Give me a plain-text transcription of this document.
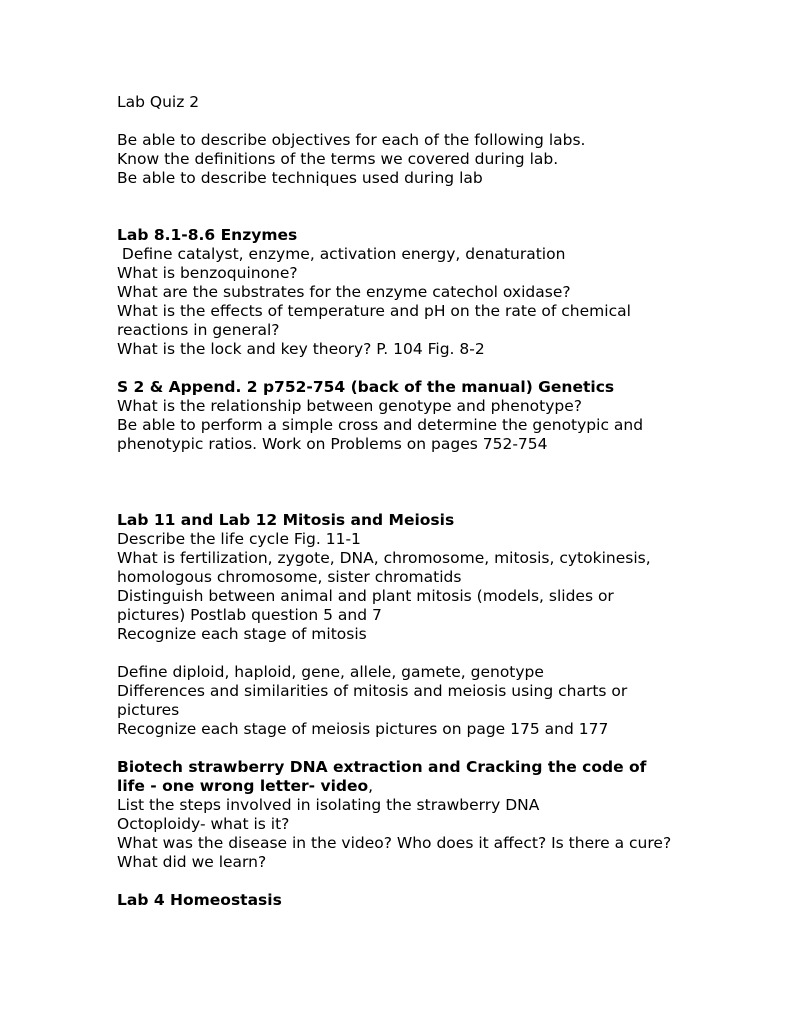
Lab Quiz 2

Be able to describe objectives for each of the following labs.

Know the definitions of the terms we covered during lab.

Be able to describe techniques used during lab

Lab 8.1-8.6 Enzymes

Define catalyst, enzyme, activation energy, denaturation

What is benzoquinone?

What are the substrates for the enzyme catechol oxidase?

What is the effects of temperature and pH on the rate of chemical reactions in general?

What is the lock and key theory? P. 104 Fig. 8-2

S 2 & Append. 2 p752-754 (back of the manual) Genetics

What is the relationship between genotype and phenotype?

Be able to perform a simple cross and determine the genotypic and phenotypic ratios. Work on Problems on pages 752-754

Lab 11 and Lab 12 Mitosis and Meiosis

Describe the life cycle Fig. 11-1

What is fertilization, zygote, DNA, chromosome, mitosis, cytokinesis, homologous chromosome, sister chromatids

Distinguish between animal and plant mitosis (models, slides or pictures) Postlab question 5 and 7

Recognize each stage of mitosis

Define diploid, haploid, gene, allele, gamete, genotype

Differences and similarities of mitosis and meiosis using charts or pictures

Recognize each stage of meiosis pictures on page 175 and 177

Biotech strawberry DNA extraction and Cracking the code of life - one wrong letter- video,

List the steps involved in isolating the strawberry DNA

Octoploidy- what is it?

What was the disease in the video? Who does it affect? Is there a cure? What did we learn?

Lab 4 Homeostasis
